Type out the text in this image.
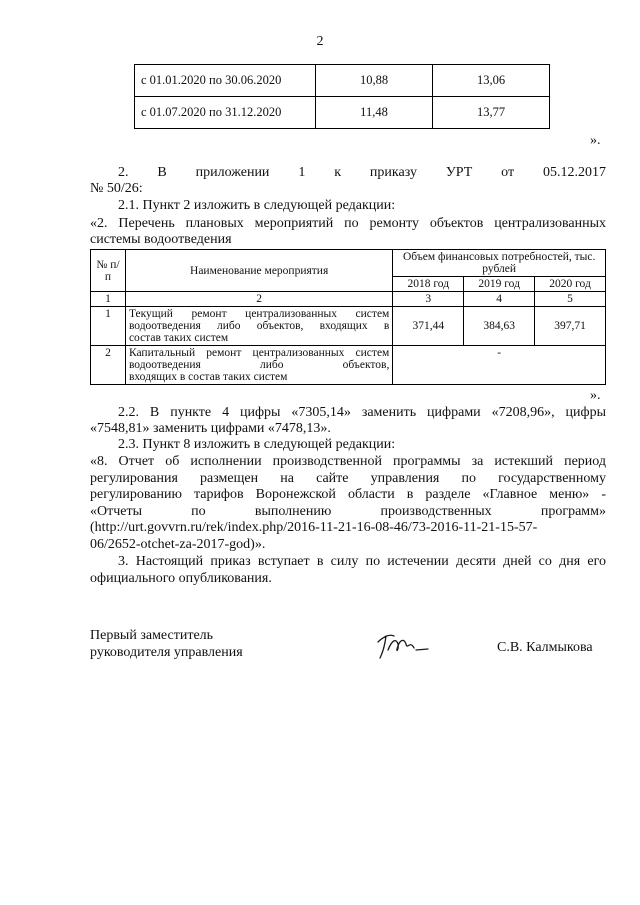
2
с 01.01.2020 по 30.06.2020	10,88	13,06
с 01.07.2020 по 31.12.2020	11,48	13,77
».
2. В приложении 1 к приказу УРТ от 05.12.2017
№ 50/26:
2.1. Пункт 2 изложить в следующей редакции:
«2. Перечень плановых мероприятий по ремонту объектов централизованных
системы водоотведения
№ п/п	Наименование мероприятия	Объем финансовых потребностей, тыс. рублей		
		2018 год	2019 год	2020 год
1	2	3	4	5
1	Текущий ремонт централизованных систем водоотведения либо объектов, входящих в
состав таких систем	371,44	384,63	397,71
2	Капитальный ремонт централизованных систем водоотведения либо объектов,
входящих в состав таких систем	-		
».
2.2. В пункте 4 цифры «7305,14» заменить цифрами «7208,96», цифры
«7548,81» заменить цифрами «7478,13».
2.3. Пункт 8 изложить в следующей редакции:
«8. Отчет об исполнении производственной программы за истекший период
регулирования размещен на сайте управления по государственному
регулированию тарифов Воронежской области в разделе «Главное меню» -
«Отчеты по выполнению производственных программ»
(http://urt.govvrn.ru/rek/index.php/2016-11-21-16-08-46/73-2016-11-21-15-57-
06/2652-otchet-za-2017-god)».
3. Настоящий приказ вступает в силу по истечении десяти дней со дня его
официального опубликования.
Первый заместитель
руководителя управления	С.В. Калмыкова
